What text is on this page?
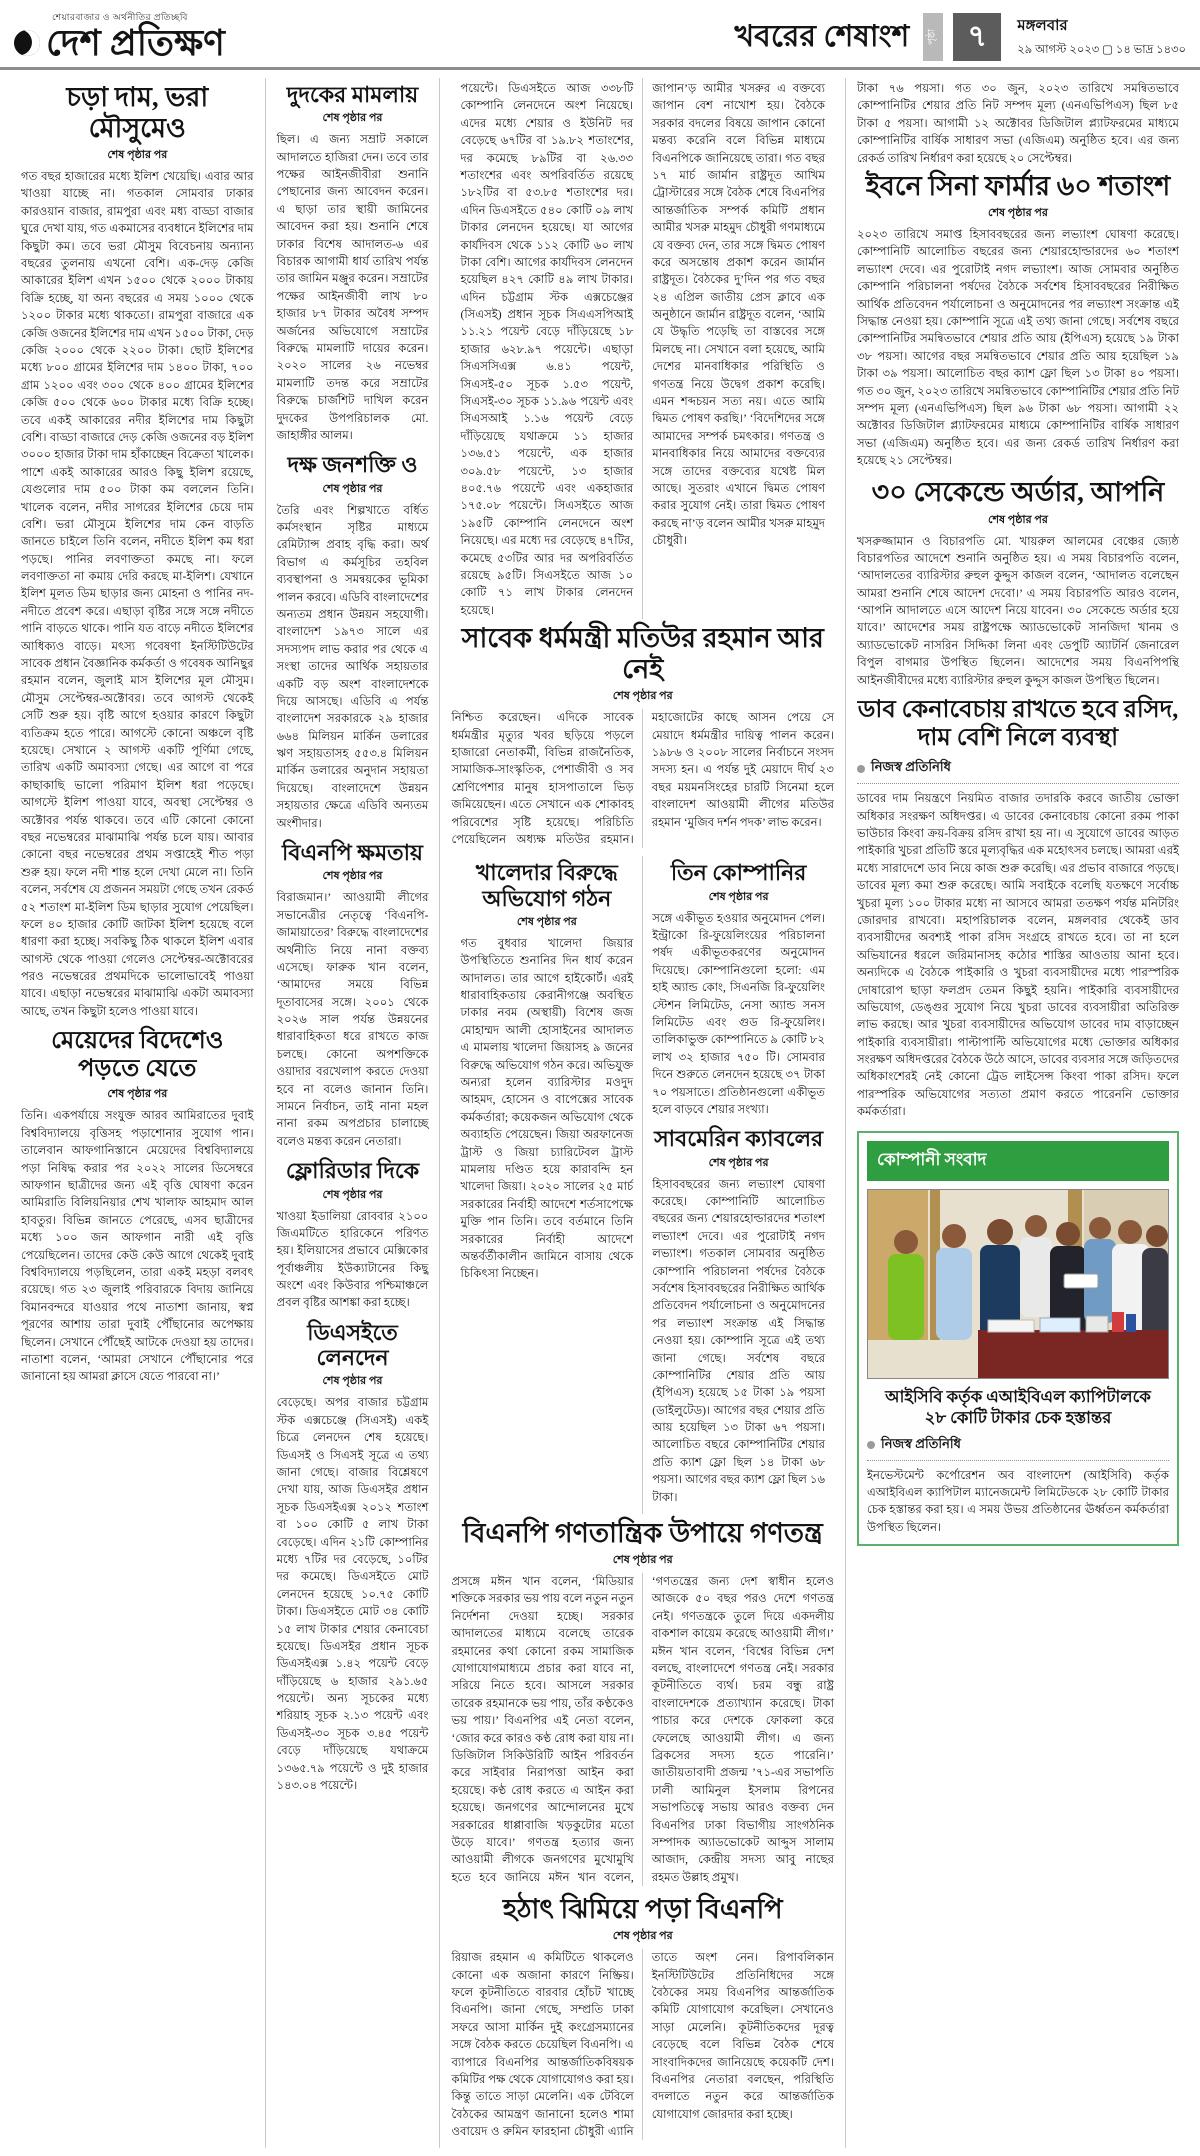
শেয়ারবাজার ও অর্থনীতির প্রতিচ্ছবি
দেশ প্রতিক্ষণ	খবরের শেষাংশ	পৃষ্ঠা ৭	মঙ্গলবার
২৯ আগস্ট ২০২৩ ▢ ১৪ ভাদ্র ১৪৩০
চড়া দাম, ভরা মৌসুমেও
শেষ পৃষ্ঠার পর

গত বছর হাজারের মধ্যে ইলিশ খেয়েছি। এবার আর খাওয়া যাচ্ছে না। গতকাল সোমবার ঢাকার কারওয়ান বাজার, রামপুরা এবং মধ্য বাড্ডা বাজার ঘুরে দেখা যায়, গত একমাসের ব্যবধানে ইলিশের দাম কিছুটা কম। তবে ভরা মৌসুম বিবেচনায় অন্যান্য বছরের তুলনায় এখনো বেশি। এক-দেড় কেজি আকারের ইলিশ এখন ১৫০০ থেকে ২০০০ টাকায় বিক্রি হচ্ছে, যা অন্য বছরের এ সময় ১০০০ থেকে ১২০০ টাকার মধ্যে থাকতো। রামপুরা বাজারে এক কেজি ওজনের ইলিশের দাম এখন ১৫০০ টাকা, দেড় কেজি ২০০০ থেকে ২২০০ টাকা। ছোট ইলিশের মধ্যে ৮০০ গ্রামের ইলিশের দাম ১৪০০ টাকা, ৭০০ গ্রাম ১২০০ এবং ৩০০ থেকে ৪০০ গ্রামের ইলিশের কেজি ৫০০ থেকে ৬০০ টাকার মধ্যে বিক্রি হচ্ছে। তবে একই আকারের নদীর ইলিশের দাম কিছুটা বেশি। বাড্ডা বাজারে দেড় কেজি ওজনের বড় ইলিশ ৩০০০ হাজার টাকা দাম হাঁকাচ্ছেন বিক্রেতা খালেক। পাশে একই আকারের আরও কিছু ইলিশ রয়েছে, যেগুলোর দাম ৫০০ টাকা কম বললেন তিনি। খালেক বলেন, নদীর সাগরের ইলিশের চেয়ে দাম বেশি। ভরা মৌসুমে ইলিশের দাম কেন বাড়তি জানতে চাইলে তিনি বলেন, নদীতে ইলিশ কম ধরা পড়ছে। পানির লবণাক্ততা কমছে না। ফলে লবণাক্ততা না কমায় দেরি করছে মা-ইলিশ। যেখানে ইলিশ মূলত ডিম ছাড়ার জন্য মোহনা ও পানির নদ-নদীতে প্রবেশ করে। এছাড়া বৃষ্টির সঙ্গে সঙ্গে নদীতে পানি বাড়তে থাকে। পানি যত বাড়ে নদীতে ইলিশের আধিক্যও বাড়ে। মৎস্য গবেষণা ইনস্টিটিউটের সাবেক প্রধান বৈজ্ঞানিক কর্মকর্তা ও গবেষক আনিছুর রহমান বলেন, জুলাই মাস ইলিশের মূল মৌসুম। মৌসুম সেপ্টেম্বর-অক্টোবর। তবে আগস্ট থেকেই সেটি শুরু হয়। বৃষ্টি আগে হওয়ার কারণে কিছুটা ব্যতিক্রম হতে পারে। আগস্টে কোনো অঞ্চলে বৃষ্টি হয়েছে। সেখানে ২ আগস্ট একটি পূর্ণিমা গেছে, তারিখ একটি অমাবস্যা গেছে। এর আগে বা পরে কাছাকাছি ভালো পরিমাণ ইলিশ ধরা পড়েছে। আগস্টে ইলিশ পাওয়া যাবে, অবস্থা সেপ্টেম্বর ও অক্টোবর পর্যন্ত থাকবে। তবে এটি কোনো কোনো বছর নভেম্বরের মাঝামাঝি পর্যন্ত চলে যায়। আবার কোনো বছর নভেম্বরের প্রথম সপ্তাহেই শীত পড়া শুরু হয়। ফলে নদী শান্ত হলে দেখা মেলে না। তিনি বলেন, সর্বশেষ যে প্রজনন সময়টা গেছে তখন রেকর্ড ৫২ শতাংশ মা-ইলিশ ডিম ছাড়ার সুযোগ পেয়েছিল। ফলে ৪০ হাজার কোটি জাটকা ইলিশ হয়েছে বলে ধারণা করা হচ্ছে। সবকিছু ঠিক থাকলে ইলিশ এবার আগস্ট থেকে পাওয়া গেলেও সেপ্টেম্বর-অক্টোবরের পরও নভেম্বরের প্রথমদিকে ভালোভাবেই পাওয়া যাবে। এছাড়া নভেম্বরের মাঝামাঝি একটা অমাবস্যা আছে, তখন কিছুটা হলেও পাওয়া যাবে।

মেয়েদের বিদেশেও পড়তে যেতে
শেষ পৃষ্ঠার পর

তিনি। একপর্যায়ে সংযুক্ত আরব আমিরাতের দুবাই বিশ্ববিদ্যালয়ে বৃত্তিসহ পড়াশোনার সুযোগ পান। তালেবান আফগানিস্তানে মেয়েদের বিশ্ববিদ্যালয়ে পড়া নিষিদ্ধ করার পর ২০২২ সালের ডিসেম্বরে আফগান ছাত্রীদের জন্য এই বৃত্তি ঘোষণা করেন আমিরাতি বিলিয়নিয়ার শেখ খালাফ আহমাদ আল হাবতুর। বিভিন্ন জানতে পেরেছে, এসব ছাত্রীদের মধ্যে ১০০ জন আফগান নারী এই বৃত্তি পেয়েছিলেন। তাদের কেউ কেউ আগে থেকেই দুবাই বিশ্ববিদ্যালয়ে পড়ছিলেন, তারা একই মহড়া বলবৎ রয়েছে। গত ২৩ জুলাই পরিবারকে বিদায় জানিয়ে বিমানবন্দরে যাওয়ার পথে নাতাশা জানায়, স্বপ্ন পূরণের আশায় তারা দুবাই পৌঁছানোর অপেক্ষায় ছিলেন। সেখানে পৌঁছেই আটকে দেওয়া হয় তাদের। নাতাশা বলেন, ‘আমরা সেখানে পৌঁছানোর পরে জানানো হয় আমরা ক্লাসে যেতে পারবো না।’

দুদকের মামলায়
শেষ পৃষ্ঠার পর

ছিল। এ জন্য সম্রাট সকালে আদালতে হাজিরা দেন। তবে তার পক্ষের আইনজীবীরা শুনানি পেছানোর জন্য আবেদন করেন। এ ছাড়া তার স্থায়ী জামিনের আবেদন করা হয়। শুনানি শেষে ঢাকার বিশেষ আদালত-৬ এর বিচারক আগামী ধার্য তারিখ পর্যন্ত তার জামিন মঞ্জুর করেন। সম্রাটের পক্ষের আইনজীবী লাখ ৮০ হাজার ৮৭ টাকার অবৈধ সম্পদ অর্জনের অভিযোগে সম্রাটের বিরুদ্ধে মামলাটি দায়ের করেন। ২০২০ সালের ২৬ নভেম্বর মামলাটি তদন্ত করে সম্রাটের বিরুদ্ধে চার্জশিট দাখিল করেন দুদকের উপপরিচালক মো. জাহাঙ্গীর আলম।

দক্ষ জনশক্তি ও
শেষ পৃষ্ঠার পর

তৈরি এবং শিল্পখাতে বর্ধিত কর্মসংস্থান সৃষ্টির মাধ্যমে রেমিট্যান্স প্রবাহ বৃদ্ধি করা। অর্থ বিভাগ এ কর্মসূচির তহবিল ব্যবস্থাপনা ও সমন্বয়কের ভূমিকা পালন করবে। এডিবি বাংলাদেশের অন্যতম প্রধান উন্নয়ন সহযোগী। বাংলাদেশ ১৯৭৩ সালে এর সদস্যপদ লাভ করার পর থেকে এ সংস্থা তাদের আর্থিক সহায়তার একটি বড় অংশ বাংলাদেশকে দিয়ে আসছে। এডিবি এ পর্যন্ত বাংলাদেশ সরকারকে ২৯ হাজার ৬৬৪ মিলিয়ন মার্কিন ডলারের ঋণ সহায়তাসহ ৫৫৩.৪ মিলিয়ন মার্কিন ডলারের অনুদান সহায়তা দিয়েছে। বাংলাদেশে উন্নয়ন সহায়তার ক্ষেত্রে এডিবি অন্যতম অংশীদার।

বিএনপি ক্ষমতায়
শেষ পৃষ্ঠার পর

বিরাজমান।’ আওয়ামী লীগের সভানেত্রীর নেতৃত্বে ‘বিএনপি-জামায়াতের’ বিরুদ্ধে বাংলাদেশের অর্থনীতি নিয়ে নানা বক্তব্য এসেছে। ফারুক খান বলেন, ‘আমাদের সময়ে বিভিন্ন দূতাবাসের সঙ্গে। ২০০১ থেকে ২০২৬ সাল পর্যন্ত উন্নয়নের ধারাবাহিকতা ধরে রাখতে কাজ চলছে। কোনো অপশক্তিকে ওয়াদার বরখেলাপ করতে দেওয়া হবে না বলেও জানান তিনি। সামনে নির্বাচন, তাই নানা মহল নানা রকম অপপ্রচার চালাচ্ছে বলেও মন্তব্য করেন নেতারা।

ফ্লোরিডার দিকে
শেষ পৃষ্ঠার পর

খাওয়া ইডালিয়া রোববার ২১০০ জিএমটিতে হারিকেনে পরিণত হয়। ইলিয়াসের প্রভাবে মেক্সিকোর পূর্বাঞ্চলীয় ইউক্যাটানের কিছু অংশে এবং কিউবার পশ্চিমাঞ্চলে প্রবল বৃষ্টির আশঙ্কা করা হচ্ছে।

ডিএসইতে লেনদেন
শেষ পৃষ্ঠার পর

বেড়েছে। অপর বাজার চট্টগ্রাম স্টক এক্সচেঞ্জে (সিএসই) একই চিত্রে লেনদেন শেষ হয়েছে। ডিএসই ও সিএসই সূত্রে এ তথ্য জানা গেছে। বাজার বিশ্লেষণে দেখা যায়, আজ ডিএসইর প্রধান সূচক ডিএসইএক্স ২০১২ শতাংশ বা ১০০ কোটি ৫ লাখ টাকা বেড়েছে। এদিন ২১টি কোম্পানির মধ্যে ৭টির দর বেড়েছে, ১০টির দর কমেছে। ডিএসইতে মোট লেনদেন হয়েছে ১০.৭৫ কোটি টাকা। ডিএসইতে মোট ৩৪ কোটি ১৫ লাখ টাকার শেয়ার কেনাবেচা হয়েছে। ডিএসইর প্রধান সূচক ডিএসইএক্স ১.৪২ পয়েন্ট বেড়ে দাঁড়িয়েছে ৬ হাজার ২৯১.৬৫ পয়েন্টে। অন্য সূচকের মধ্যে শরিয়াহ সূচক ২.১৩ পয়েন্ট এবং ডিএসই-৩০ সূচক ৩.৪৫ পয়েন্ট বেড়ে দাঁড়িয়েছে যথাক্রমে ১৩৬৫.৭৯ পয়েন্টে ও দুই হাজার ১৪৩.০৪ পয়েন্টে।

পয়েন্টে। ডিএসইতে আজ ৩৩৮টি কোম্পানি লেনদেনে অংশ নিয়েছে। এদের মধ্যে শেয়ার ও ইউনিট দর বেড়েছে ৬৭টির বা ১৯.৮২ শতাংশের, দর কমেছে ৮৯টির বা ২৬.৩৩ শতাংশের এবং অপরিবর্তিত রয়েছে ১৮২টির বা ৫৩.৮৫ শতাংশের দর। এদিন ডিএসইতে ৫৪০ কোটি ০৯ লাখ টাকার লেনদেন হয়েছে। যা আগের কার্যদিবস থেকে ১১২ কোটি ৬০ লাখ টাকা বেশি। আগের কার্যদিবস লেনদেন হয়েছিল ৪২৭ কোটি ৪৯ লাখ টাকার। এদিন চট্টগ্রাম স্টক এক্সচেঞ্জের (সিএসই) প্রধান সূচক সিএএসপিআই ১১.২১ পয়েন্ট বেড়ে দাঁড়িয়েছে ১৮ হাজার ৬২৮.৯৭ পয়েন্টে। এছাড়া সিএসসিএক্স ৬.৪১ পয়েন্ট, সিএসই-৫০ সূচক ১.৫৩ পয়েন্ট, সিএসই-৩০ সূচক ১১.৯৬ পয়েন্ট এবং সিএসআই ১.১৬ পয়েন্ট বেড়ে দাঁড়িয়েছে যথাক্রমে ১১ হাজার ১৩৬.৫১ পয়েন্টে, এক হাজার ৩০৯.৫৮ পয়েন্টে, ১৩ হাজার ৪০৫.৭৬ পয়েন্টে এবং একহাজার ১৭৫.০৮ পয়েন্টে। সিএসইতে আজ ১৯৫টি কোম্পানি লেনদেনে অংশ নিয়েছে। এর মধ্যে দর বেড়েছে ৪৭টির, কমেছে ৫৩টির আর দর অপরিবর্তিত রয়েছে ৯৫টি। সিএসইতে আজ ১০ কোটি ৭১ লাখ টাকার লেনদেন হয়েছে।

জাপান’ড় আমীর খসরুর এ বক্তব্যে জাপান বেশ নাখোশ হয়। বৈঠকে সরকার বদলের বিষয়ে জাপান কোনো মন্তব্য করেনি বলে বিভিন্ন মাধ্যমে বিএনপিকে জানিয়েছে তারা। গত বছর ১৭ মার্চ জার্মান রাষ্ট্রদূত আখিম ট্রোস্টারের সঙ্গে বৈঠক শেষে বিএনপির আন্তর্জাতিক সম্পর্ক কমিটি প্রধান আমীর খসরু মাহমুদ চৌধুরী গণমাধ্যমে যে বক্তব্য দেন, তার সঙ্গে দ্বিমত পোষণ করে অসন্তোষ প্রকাশ করেন জার্মান রাষ্ট্রদূত। বৈঠকের দু’দিন পর গত বছর ২৪ এপ্রিল জাতীয় প্রেস ক্লাবে এক অনুষ্ঠানে জার্মান রাষ্ট্রদূত বলেন, ‘আমি যে উদ্ধৃতি পড়েছি তা বাস্তবের সঙ্গে মিলছে না। সেখানে বলা হয়েছে, আমি দেশের মানবাধিকার পরিস্থিতি ও গণতন্ত্র নিয়ে উদ্বেগ প্রকাশ করেছি। এমন শব্দচয়ন সত্য নয়। এতে আমি দ্বিমত পোষণ করছি।’ ‘বিদেশিদের সঙ্গে আমাদের সম্পর্ক চমৎকার। গণতন্ত্র ও মানবাধিকার নিয়ে আমাদের বক্তব্যের সঙ্গে তাদের বক্তব্যের যথেষ্ট মিল আছে। সুতরাং এখানে দ্বিমত পোষণ করার সুযোগ নেই। তারা দ্বিমত পোষণ করছে না’ড় বলেন আমীর খসরু মাহমুদ চৌধুরী।

সাবেক ধর্মমন্ত্রী মতিউর রহমান আর নেই
শেষ পৃষ্ঠার পর

নিশ্চিত করেছেন। এদিকে সাবেক ধর্মমন্ত্রীর মৃত্যুর খবর ছড়িয়ে পড়লে হাজারো নেতাকর্মী, বিভিন্ন রাজনৈতিক, সামাজিক-সাংস্কৃতিক, পেশাজীবী ও সব শ্রেণিপেশার মানুষ হাসপাতালে ভিড় জমিয়েছেন। এতে সেখানে এক শোকাবহ পরিবেশের সৃষ্টি হয়েছে। পরিচিতি পেয়েছিলেন অধ্যক্ষ মতিউর রহমান। মহাজোটের কাছে আসন পেয়ে সে মেয়াদে ধর্মমন্ত্রীর দায়িত্ব পালন করেন। ১৯৮৬ ও ২০০৮ সালের নির্বাচনে সংসদ সদস্য হন। এ পর্যন্ত দুই মেয়াদে দীর্ঘ ২৩ বছর ময়মনসিংহের চারটি সিনেমা হলে বাংলাদেশ আওয়ামী লীগের মতিউর রহমান ‘মুজিব দর্শন পদক’ লাভ করেন।

খালেদার বিরুদ্ধে অভিযোগ গঠন
শেষ পৃষ্ঠার পর

গত বুধবার খালেদা জিয়ার উপস্থিতিতে শুনানির দিন ধার্য করেন আদালত। তার আগে হাইকোর্ট। এরই ধারাবাহিকতায় কেরানীগঞ্জে অবস্থিত ঢাকার নবম (অস্থায়ী) বিশেষ জজ মোহাম্মদ আলী হোসাইনের আদালত এ মামলায় খালেদা জিয়াসহ ৯ জনের বিরুদ্ধে অভিযোগ গঠন করে। অভিযুক্ত অন্যরা হলেন ব্যারিস্টার মওদুদ আহমদ, হোসেন ও বাপেক্সের সাবেক কর্মকর্তারা; কয়েকজন অভিযোগ থেকে অব্যাহতি পেয়েছেন। জিয়া অরফানেজ ট্রাস্ট ও জিয়া চ্যারিটেবল ট্রাস্ট মামলায় দণ্ডিত হয়ে কারাবন্দি হন খালেদা জিয়া। ২০২০ সালের ২৫ মার্চ সরকারের নির্বাহী আদেশে শর্তসাপেক্ষে মুক্তি পান তিনি। তবে বর্তমানে তিনি সরকারের নির্বাহী আদেশে অন্তর্বর্তীকালীন জামিনে বাসায় থেকে চিকিৎসা নিচ্ছেন।

তিন কোম্পানির
শেষ পৃষ্ঠার পর

সঙ্গে একীভূত হওয়ার অনুমোদন পেল। ইন্ট্রাকো রি-ফুয়েলিংয়ের পরিচালনা পর্ষদ একীভূতকরণের অনুমোদন দিয়েছে। কোম্পানিগুলো হলো: এম হাই অ্যান্ড কোং, সিএনজি রি-ফুয়েলিং স্টেশন লিমিটেড, নেসা অ্যান্ড সনস লিমিটেড এবং গুড রি-ফুয়েলিং। তালিকাভুক্ত কোম্পানিতে ৯ কোটি ৮২ লাখ ৩২ হাজার ৭৫০ টি। সোমবার দিনে শুরুতে লেনদেন হয়েছে ৩৭ টাকা ৭০ পয়সাতে। প্রতিষ্ঠানগুলো একীভূত হলে বাড়বে শেয়ার সংখ্যা।

সাবমেরিন ক্যাবলের
শেষ পৃষ্ঠার পর

হিসাববছরের জন্য লভ্যাংশ ঘোষণা করেছে। কোম্পানিটি আলোচিত বছরের জন্য শেয়ারহোল্ডারদের শতাংশ লভ্যাংশ দেবে। এর পুরোটাই নগদ লভ্যাংশ। গতকাল সোমবার অনুষ্ঠিত কোম্পানি পরিচালনা পর্ষদের বৈঠকে সর্বশেষ হিসাববছরের নিরীক্ষিত আর্থিক প্রতিবেদন পর্যালোচনা ও অনুমোদনের পর লভ্যাংশ সংক্রান্ত এই সিদ্ধান্ত নেওয়া হয়। কোম্পানি সূত্রে এই তথ্য জানা গেছে। সর্বশেষ বছরে কোম্পানিটির শেয়ার প্রতি আয় (ইপিএস) হয়েছে ১৫ টাকা ১৯ পয়সা (ডাইলুটেড)। আগের বছর শেয়ার প্রতি আয় হয়েছিল ১৩ টাকা ৬৭ পয়সা। আলোচিত বছরে কোম্পানিটির শেয়ার প্রতি ক্যাশ ফ্লো ছিল ১৪ টাকা ৬৮ পয়সা। আগের বছর ক্যাশ ফ্লো ছিল ১৬ টাকা।

বিএনপি গণতান্ত্রিক উপায়ে গণতন্ত্র
শেষ পৃষ্ঠার পর

প্রসঙ্গে মঈন খান বলেন, ‘মিডিয়ার শক্তিকে সরকার ভয় পায় বলে নতুন নতুন নির্দেশনা দেওয়া হচ্ছে। সরকার আদালতের মাধ্যমে বলেছে তারেক রহমানের কথা কোনো রকম সামাজিক যোগাযোগমাধ্যমে প্রচার করা যাবে না, সরিয়ে নিতে হবে। আসলে সরকার তারেক রহমানকে ভয় পায়, তাঁর কণ্ঠকেও ভয় পায়।’ বিএনপির এই নেতা বলেন, ‘জোর করে কারও কণ্ঠ রোধ করা যায় না। ডিজিটাল সিকিউরিটি আইন পরিবর্তন করে সাইবার নিরাপত্তা আইন করা হয়েছে। কণ্ঠ রোধ করতে এ আইন করা হয়েছে। জনগণের আন্দোলনের মুখে সরকারের ধাপ্পাবাজি খড়কুটোর মতো উড়ে যাবে।’ গণতন্ত্র হত্যার জন্য আওয়ামী লীগকে জনগণের মুখোমুখি হতে হবে জানিয়ে মঈন খান বলেন, ‘গণতন্ত্রের জন্য দেশ স্বাধীন হলেও আজকে ৫০ বছর পরও দেশে গণতন্ত্র নেই। গণতন্ত্রকে তুলে দিয়ে একদলীয় বাকশাল কায়েম করেছে আওয়ামী লীগ।’ মঈন খান বলেন, ‘বিশ্বের বিভিন্ন দেশ বলছে, বাংলাদেশে গণতন্ত্র নেই। সরকার কূটনীতিতে ব্যর্থ। চরম বন্ধু রাষ্ট্র বাংলাদেশকে প্রত্যাখ্যান করেছে। টাকা পাচার করে দেশকে ফোকলা করে ফেলেছে আওয়ামী লীগ। এ জন্য ব্রিকসের সদস্য হতে পারেনি।’ জাতীয়তাবাদী প্রজন্ম ’৭১-এর সভাপতি ঢালী আমিনুল ইসলাম রিপনের সভাপতিত্বে সভায় আরও বক্তব্য দেন বিএনপির ঢাকা বিভাগীয় সাংগঠনিক সম্পাদক অ্যাডভোকেট আব্দুস সালাম আজাদ, কেন্দ্রীয় সদস্য আবু নাছের রহমত উল্লাহ প্রমুখ।

হঠাৎ ঝিমিয়ে পড়া বিএনপি
শেষ পৃষ্ঠার পর

রিয়াজ রহমান এ কমিটিতে থাকলেও কোনো এক অজানা কারণে নিষ্ক্রিয়। ফলে কূটনীতিতে বারবার হোঁচট খাচ্ছে বিএনপি। জানা গেছে, সম্প্রতি ঢাকা সফরে আসা মার্কিন দুই কংগ্রেসম্যানের সঙ্গে বৈঠক করতে চেয়েছিল বিএনপি। এ ব্যাপারে বিএনপির আন্তর্জাতিকবিষয়ক কমিটির পক্ষ থেকে যোগাযোগও করা হয়। কিন্তু তাতে সাড়া মেলেনি। এক টেবিলে বৈঠকের আমন্ত্রণ জানানো হলেও শামা ওবায়েদ ও রুমিন ফারহানা চৌধুরী এ্যানি তাতে অংশ নেন। রিপাবলিকান ইনস্টিটিউটের প্রতিনিধিদের সঙ্গে বৈঠকের সময় বিএনপির আন্তর্জাতিক কমিটি যোগাযোগ করেছিল। সেখানেও সাড়া মেলেনি। কূটনীতিকদের দূরত্ব বেড়েছে বলে বিভিন্ন বৈঠক শেষে সাংবাদিকদের জানিয়েছে কয়েকটি দেশ। বিএনপির নেতারা বলছেন, পরিস্থিতি বদলাতে নতুন করে আন্তর্জাতিক যোগাযোগ জোরদার করা হচ্ছে।

টাকা ৭৬ পয়সা। গত ৩০ জুন, ২০২৩ তারিখে সমন্বিতভাবে কোম্পানিটির শেয়ার প্রতি নিট সম্পদ মূল্য (এনএভিপিএস) ছিল ৮৫ টাকা ৫ পয়সা। আগামী ১২ অক্টোবর ডিজিটাল প্ল্যাটফরমের মাধ্যমে কোম্পানিটির বার্ষিক সাধারণ সভা (এজিএম) অনুষ্ঠিত হবে। এর জন্য রেকর্ড তারিখ নির্ধারণ করা হয়েছে ২০ সেপ্টেম্বর।

ইবনে সিনা ফার্মার ৬০ শতাংশ
শেষ পৃষ্ঠার পর

২০২৩ তারিখে সমাপ্ত হিসাববছরের জন্য লভ্যাংশ ঘোষণা করেছে। কোম্পানিটি আলোচিত বছরের জন্য শেয়ারহোল্ডারদের ৬০ শতাংশ লভ্যাংশ দেবে। এর পুরোটাই নগদ লভ্যাংশ। আজ সোমবার অনুষ্ঠিত কোম্পানি পরিচালনা পর্ষদের বৈঠকে সর্বশেষ হিসাববছরের নিরীক্ষিত আর্থিক প্রতিবেদন পর্যালোচনা ও অনুমোদনের পর লভ্যাংশ সংক্রান্ত এই সিদ্ধান্ত নেওয়া হয়। কোম্পানি সূত্রে এই তথ্য জানা গেছে। সর্বশেষ বছরে কোম্পানিটির সমন্বিতভাবে শেয়ার প্রতি আয় (ইপিএস) হয়েছে ১৯ টাকা ৩৮ পয়সা। আগের বছর সমন্বিতভাবে শেয়ার প্রতি আয় হয়েছিল ১৯ টাকা ৩৯ পয়সা। আলোচিত বছর ক্যাশ ফ্লো ছিল ১৩ টাকা ৪০ পয়সা। গত ৩০ জুন, ২০২৩ তারিখে সমন্বিতভাবে কোম্পানিটির শেয়ার প্রতি নিট সম্পদ মূল্য (এনএভিপিএস) ছিল ৯৬ টাকা ৬৮ পয়সা। আগামী ২২ অক্টোবর ডিজিটাল প্ল্যাটফরমের মাধ্যমে কোম্পানিটির বার্ষিক সাধারণ সভা (এজিএম) অনুষ্ঠিত হবে। এর জন্য রেকর্ড তারিখ নির্ধারণ করা হয়েছে ২১ সেপ্টেম্বর।

৩০ সেকেন্ডে অর্ডার, আপনি
শেষ পৃষ্ঠার পর

খসরুজ্জামান ও বিচারপতি মো. খায়রুল আলমের বেঞ্চের জ্যেষ্ঠ বিচারপতির আদেশে শুনানি অনুষ্ঠিত হয়। এ সময় বিচারপতি বলেন, ‘আদালতের ব্যারিস্টার রুহুল কুদ্দুস কাজল বলেন, ‘আদালত বলেছেন আমরা শুনানি শেষে আদেশ দেবো।’ এ সময় বিচারপতি আরও বলেন, ‘আপনি আদালতে এসে আদেশ নিয়ে যাবেন। ৩০ সেকেন্ডে অর্ডার হয়ে যাবে।’ আদেশের সময় রাষ্ট্রপক্ষে অ্যাডভোকেট সানজিদা খানম ও অ্যাডভোকেট নাসরিন সিদ্দিকা লিনা এবং ডেপুটি অ্যাটর্নি জেনারেল বিপুল বাগমার উপস্থিত ছিলেন। আদেশের সময় বিএনপিপন্থি আইনজীবীদের মধ্যে ব্যারিস্টার রুহুল কুদ্দুস কাজল উপস্থিত ছিলেন।

ডাব কেনাবেচায় রাখতে হবে রসিদ, দাম বেশি নিলে ব্যবস্থা
নিজস্ব প্রতিনিধি

ডাবের দাম নিয়ন্ত্রণে নিয়মিত বাজার তদারকি করবে জাতীয় ভোক্তা অধিকার সংরক্ষণ অধিদপ্তর। এ ডাবের কেনাবেচায় কোনো রকম পাকা ভাউচার কিংবা ক্রয়-বিক্রয় রসিদ রাখা হয় না। এ সুযোগে ডাবের আড়ত পাইকারি খুচরা প্রতিটি স্তরে মূল্যবৃদ্ধির এক মহোৎসব চলছে। আমরা এরই মধ্যে সারাদেশে ডাব নিয়ে কাজ শুরু করেছি। এর প্রভাব বাজারে পড়ছে। ডাবের মূল্য কমা শুরু করেছে। আমি সবাইকে বলেছি যতক্ষণে সর্বোচ্চ খুচরা মূল্য ১০০ টাকার মধ্যে না আসবে আমরা ততক্ষণ পর্যন্ত মনিটরিং জোরদার রাখবো। মহাপরিচালক বলেন, মঙ্গলবার থেকেই ডাব ব্যবসায়ীদের অবশ্যই পাকা রসিদ সংগ্রহে রাখতে হবে। তা না হলে অভিযানের ধরলে জরিমানাসহ কঠোর শাস্তির আওতায় আনা হবে। অন্যদিকে এ বৈঠকে পাইকারি ও খুচরা ব্যবসায়ীদের মধ্যে পারস্পরিক দোষারোপ ছাড়া ফলপ্রদ তেমন কিছুই হয়নি। পাইকারি ব্যবসায়ীদের অভিযোগ, ডেঙ্গুর সুযোগ নিয়ে খুচরা ডাবের ব্যবসায়ীরা অতিরিক্ত লাভ করছে। আর খুচরা ব্যবসায়ীদের অভিযোগ ডাবের দাম বাড়াচ্ছেন পাইকারি ব্যবসায়ীরা। পাল্টাপাল্টি অভিযোগের মধ্যে ভোক্তার অধিকার সংরক্ষণ অধিদপ্তরের বৈঠকে উঠে আসে, ডাবের ব্যবসার সঙ্গে জড়িতদের অধিকাংশেরই নেই কোনো ট্রেড লাইসেন্স কিংবা পাকা রসিদ। ফলে পারস্পরিক অভিযোগের সত্যতা প্রমাণ করতে পারেননি ভোক্তার কর্মকর্তারা।

কোম্পানী সংবাদ
আইসিবি কর্তৃক এআইবিএল ক্যাপিটালকে
২৮ কোটি টাকার চেক হস্তান্তর
নিজস্ব প্রতিনিধি

ইনভেস্টমেন্ট কর্পোরেশন অব বাংলাদেশ (আইসিবি) কর্তৃক এআইবিএল ক্যাপিটাল ম্যানেজমেন্ট লিমিটেডকে ২৮ কোটি টাকার চেক হস্তান্তর করা হয়। এ সময় উভয় প্রতিষ্ঠানের ঊর্ধ্বতন কর্মকর্তারা উপস্থিত ছিলেন।
